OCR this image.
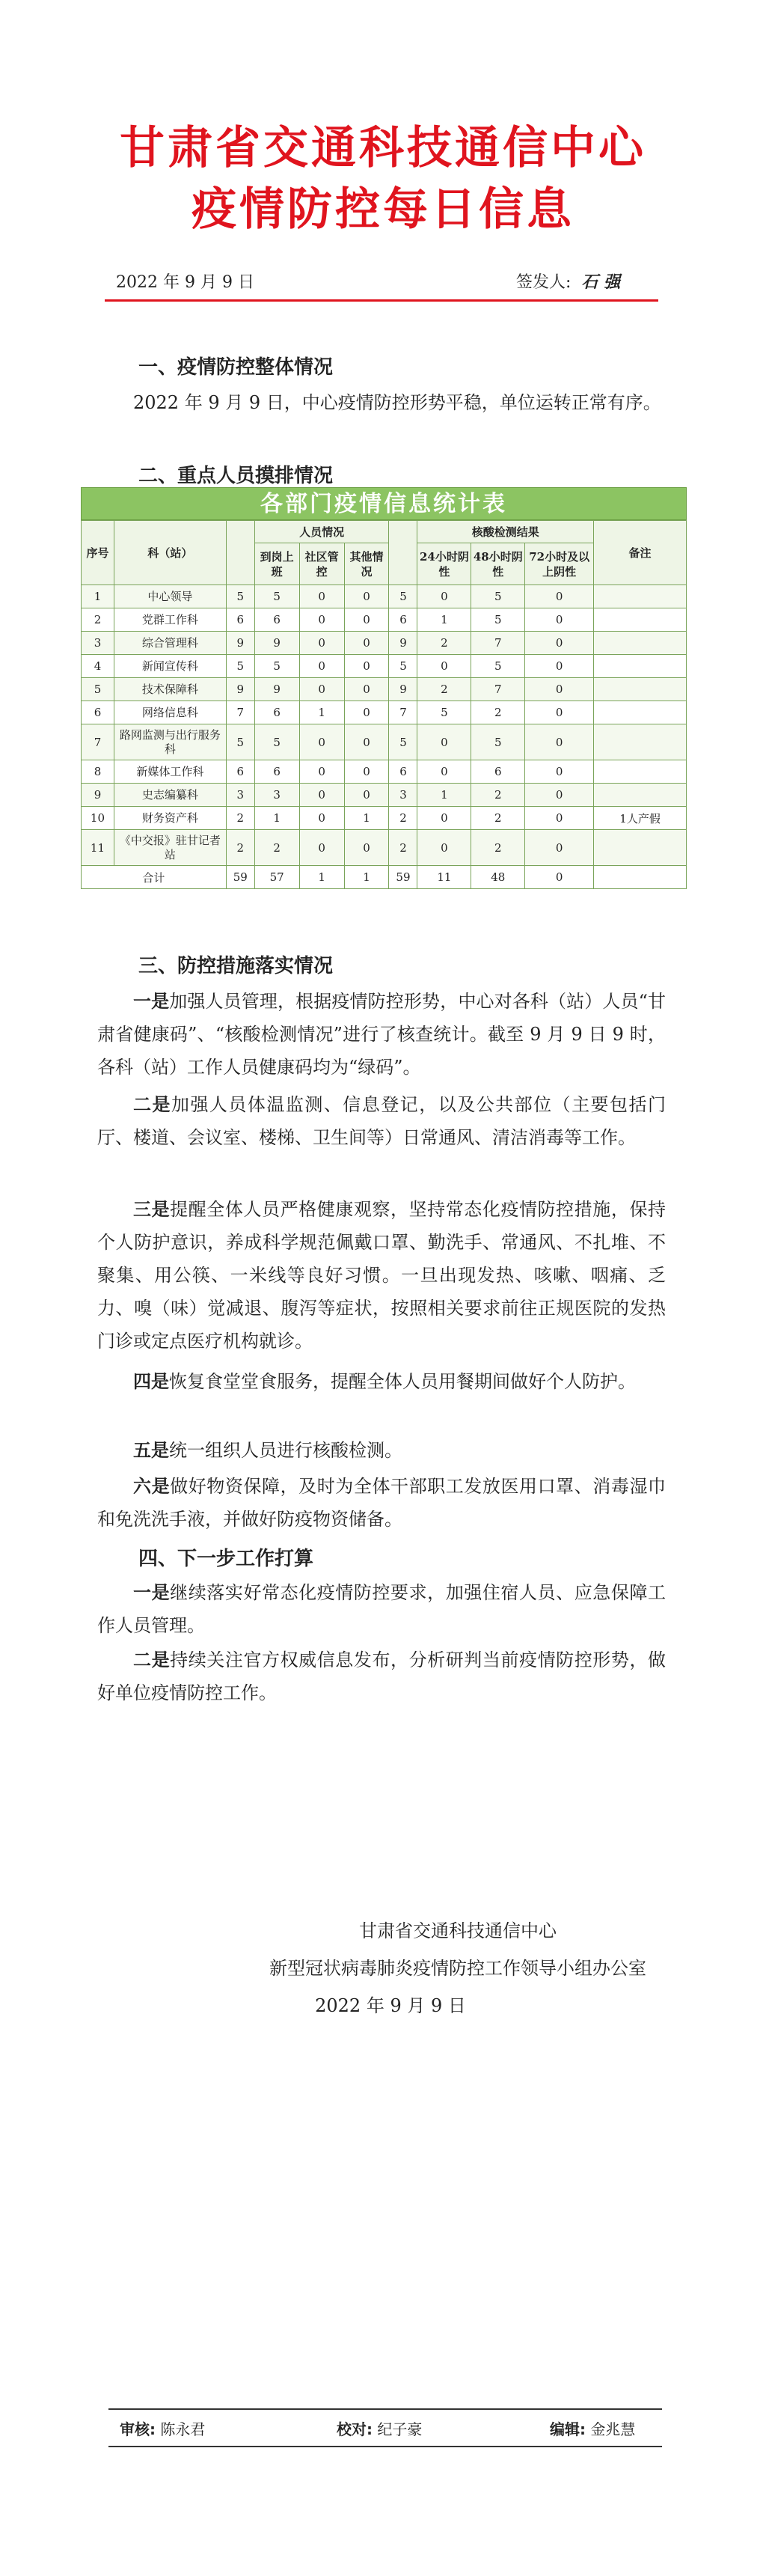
甘肃省交通科技通信中心
疫情防控每日信息
2022 年 9 月 9 日	签发人: 石 强
一、疫情防控整体情况
2022 年 9 月 9 日，中心疫情防控形势平稳，单位运转正常有序。
二、重点人员摸排情况
各部门疫情信息统计表
序号	科（站）		人员情况				核酸检测结果			备注
			到岗上班	社区管控	其他情况		24小时阴性	48小时阴性	72小时及以上阴性	
1	中心领导	5	5	0	0	5	0	5	0	
2	党群工作科	6	6	0	0	6	1	5	0	
3	综合管理科	9	9	0	0	9	2	7	0	
4	新闻宣传科	5	5	0	0	5	0	5	0	
5	技术保障科	9	9	0	0	9	2	7	0	
6	网络信息科	7	6	1	0	7	5	2	0	
7	路网监测与出行服务科	5	5	0	0	5	0	5	0	
8	新媒体工作科	6	6	0	0	6	0	6	0	
9	史志编纂科	3	3	0	0	3	1	2	0	
10	财务资产科	2	1	0	1	2	0	2	0	1人产假
11	《中交报》驻甘记者站	2	2	0	0	2	0	2	0	
合计		59	57	1	1	59	11	48	0	
三、防控措施落实情况
一是加强人员管理，根据疫情防控形势，中心对各科（站）人员“甘肃省健康码”、“核酸检测情况”进行了核查统计。截至 9 月 9 日 9 时，各科（站）工作人员健康码均为“绿码”。
二是加强人员体温监测、信息登记，以及公共部位（主要包括门厅、楼道、会议室、楼梯、卫生间等）日常通风、清洁消毒等工作。
三是提醒全体人员严格健康观察，坚持常态化疫情防控措施，保持个人防护意识，养成科学规范佩戴口罩、勤洗手、常通风、不扎堆、不聚集、用公筷、一米线等良好习惯。一旦出现发热、咳嗽、咽痛、乏力、嗅（味）觉减退、腹泻等症状，按照相关要求前往正规医院的发热门诊或定点医疗机构就诊。
四是恢复食堂堂食服务，提醒全体人员用餐期间做好个人防护。
五是统一组织人员进行核酸检测。
六是做好物资保障，及时为全体干部职工发放医用口罩、消毒湿巾和免洗洗手液，并做好防疫物资储备。
四、下一步工作打算
一是继续落实好常态化疫情防控要求，加强住宿人员、应急保障工作人员管理。
二是持续关注官方权威信息发布，分析研判当前疫情防控形势，做好单位疫情防控工作。
甘肃省交通科技通信中心
新型冠状病毒肺炎疫情防控工作领导小组办公室
2022 年 9 月 9 日
审核: 陈永君	校对: 纪子豪	编辑: 金兆慧
